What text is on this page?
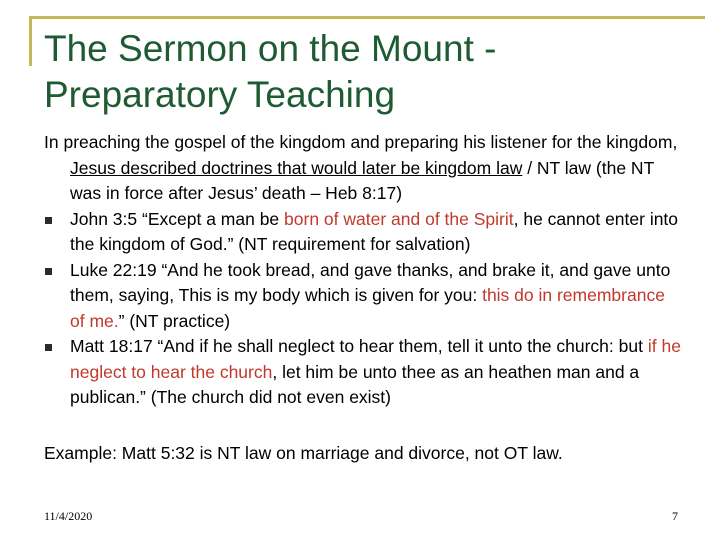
The Sermon on the Mount -
Preparatory Teaching
In preaching the gospel of the kingdom and preparing his listener for the kingdom, Jesus described doctrines that would later be kingdom law / NT law (the NT was in force after Jesus’ death – Heb 8:17)
John 3:5 “Except a man be born of water and of the Spirit, he cannot enter into the kingdom of God.” (NT requirement for salvation)
Luke 22:19 “And he took bread, and gave thanks, and brake it, and gave unto them, saying, This is my body which is given for you: this do in remembrance of me.” (NT practice)
Matt 18:17 “And if he shall neglect to hear them, tell it unto the church: but if he neglect to hear the church, let him be unto thee as an heathen man and a publican.” (The church did not even exist)
Example: Matt 5:32 is NT law on marriage and divorce, not OT law.
11/4/2020	7
